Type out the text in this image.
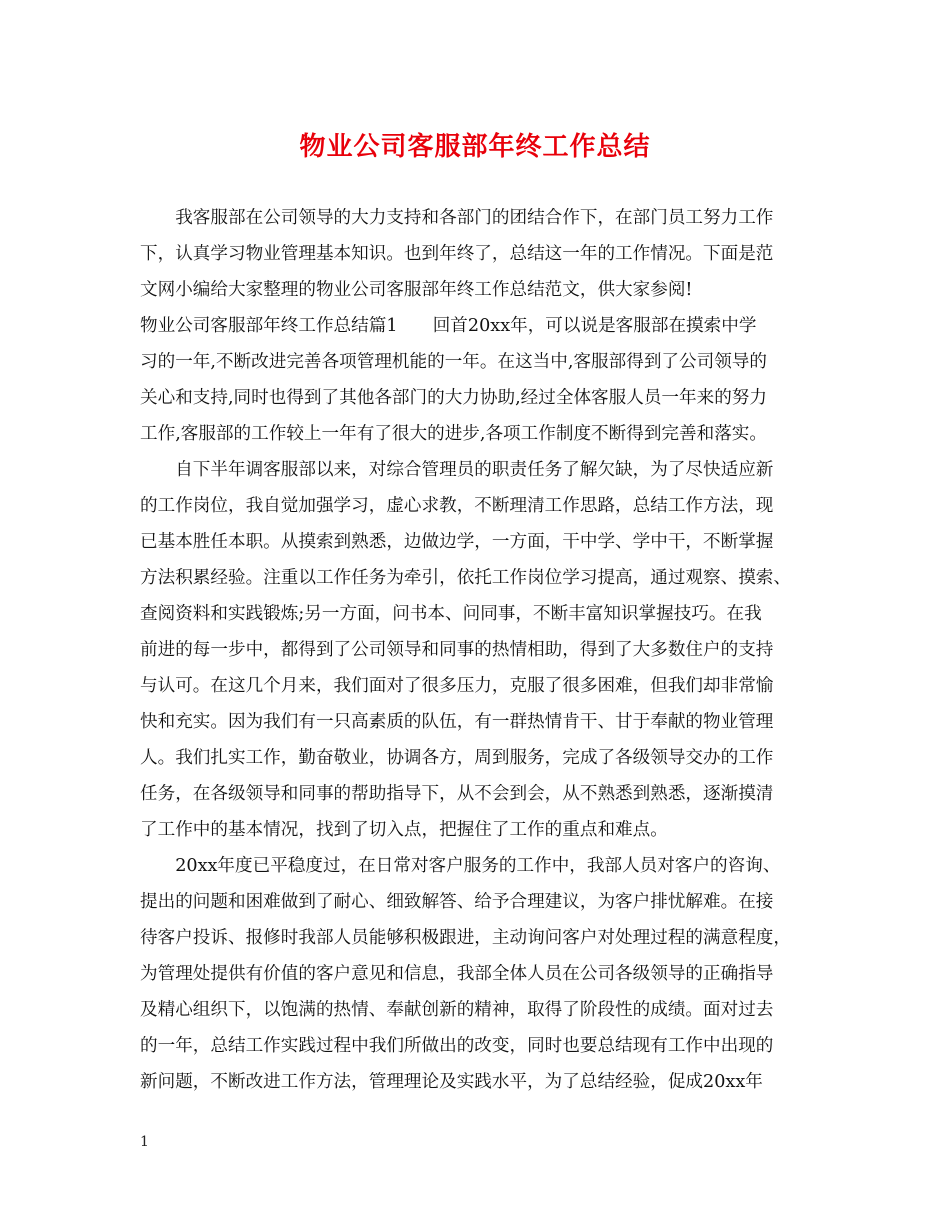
物业公司客服部年终工作总结
　　我客服部在公司领导的大力支持和各部门的团结合作下，在部门员工努力工作
下，认真学习物业管理基本知识。也到年终了，总结这一年的工作情况。下面是范
文网小编给大家整理的物业公司客服部年终工作总结范文，供大家参阅!
物业公司客服部年终工作总结篇1　　回首20xx年，可以说是客服部在摸索中学
习的一年,不断改进完善各项管理机能的一年。在这当中,客服部得到了公司领导的
关心和支持,同时也得到了其他各部门的大力协助,经过全体客服人员一年来的努力
工作,客服部的工作较上一年有了很大的进步,各项工作制度不断得到完善和落实。
　　自下半年调客服部以来，对综合管理员的职责任务了解欠缺，为了尽快适应新
的工作岗位，我自觉加强学习，虚心求教，不断理清工作思路，总结工作方法，现
已基本胜任本职。从摸索到熟悉，边做边学，一方面，干中学、学中干，不断掌握
方法积累经验。注重以工作任务为牵引，依托工作岗位学习提高，通过观察、摸索、
查阅资料和实践锻炼;另一方面，问书本、问同事，不断丰富知识掌握技巧。在我
前进的每一步中，都得到了公司领导和同事的热情相助，得到了大多数住户的支持
与认可。在这几个月来，我们面对了很多压力，克服了很多困难，但我们却非常愉
快和充实。因为我们有一只高素质的队伍，有一群热情肯干、甘于奉献的物业管理
人。我们扎实工作，勤奋敬业，协调各方，周到服务，完成了各级领导交办的工作
任务，在各级领导和同事的帮助指导下，从不会到会，从不熟悉到熟悉，逐渐摸清
了工作中的基本情况，找到了切入点，把握住了工作的重点和难点。
　　20xx年度已平稳度过，在日常对客户服务的工作中，我部人员对客户的咨询、
提出的问题和困难做到了耐心、细致解答、给予合理建议，为客户排忧解难。在接
待客户投诉、报修时我部人员能够积极跟进，主动询问客户对处理过程的满意程度，
为管理处提供有价值的客户意见和信息，我部全体人员在公司各级领导的正确指导
及精心组织下，以饱满的热情、奉献创新的精神，取得了阶段性的成绩。面对过去
的一年，总结工作实践过程中我们所做出的改变，同时也要总结现有工作中出现的
新问题，不断改进工作方法，管理理论及实践水平，为了总结经验，促成20xx年
1
